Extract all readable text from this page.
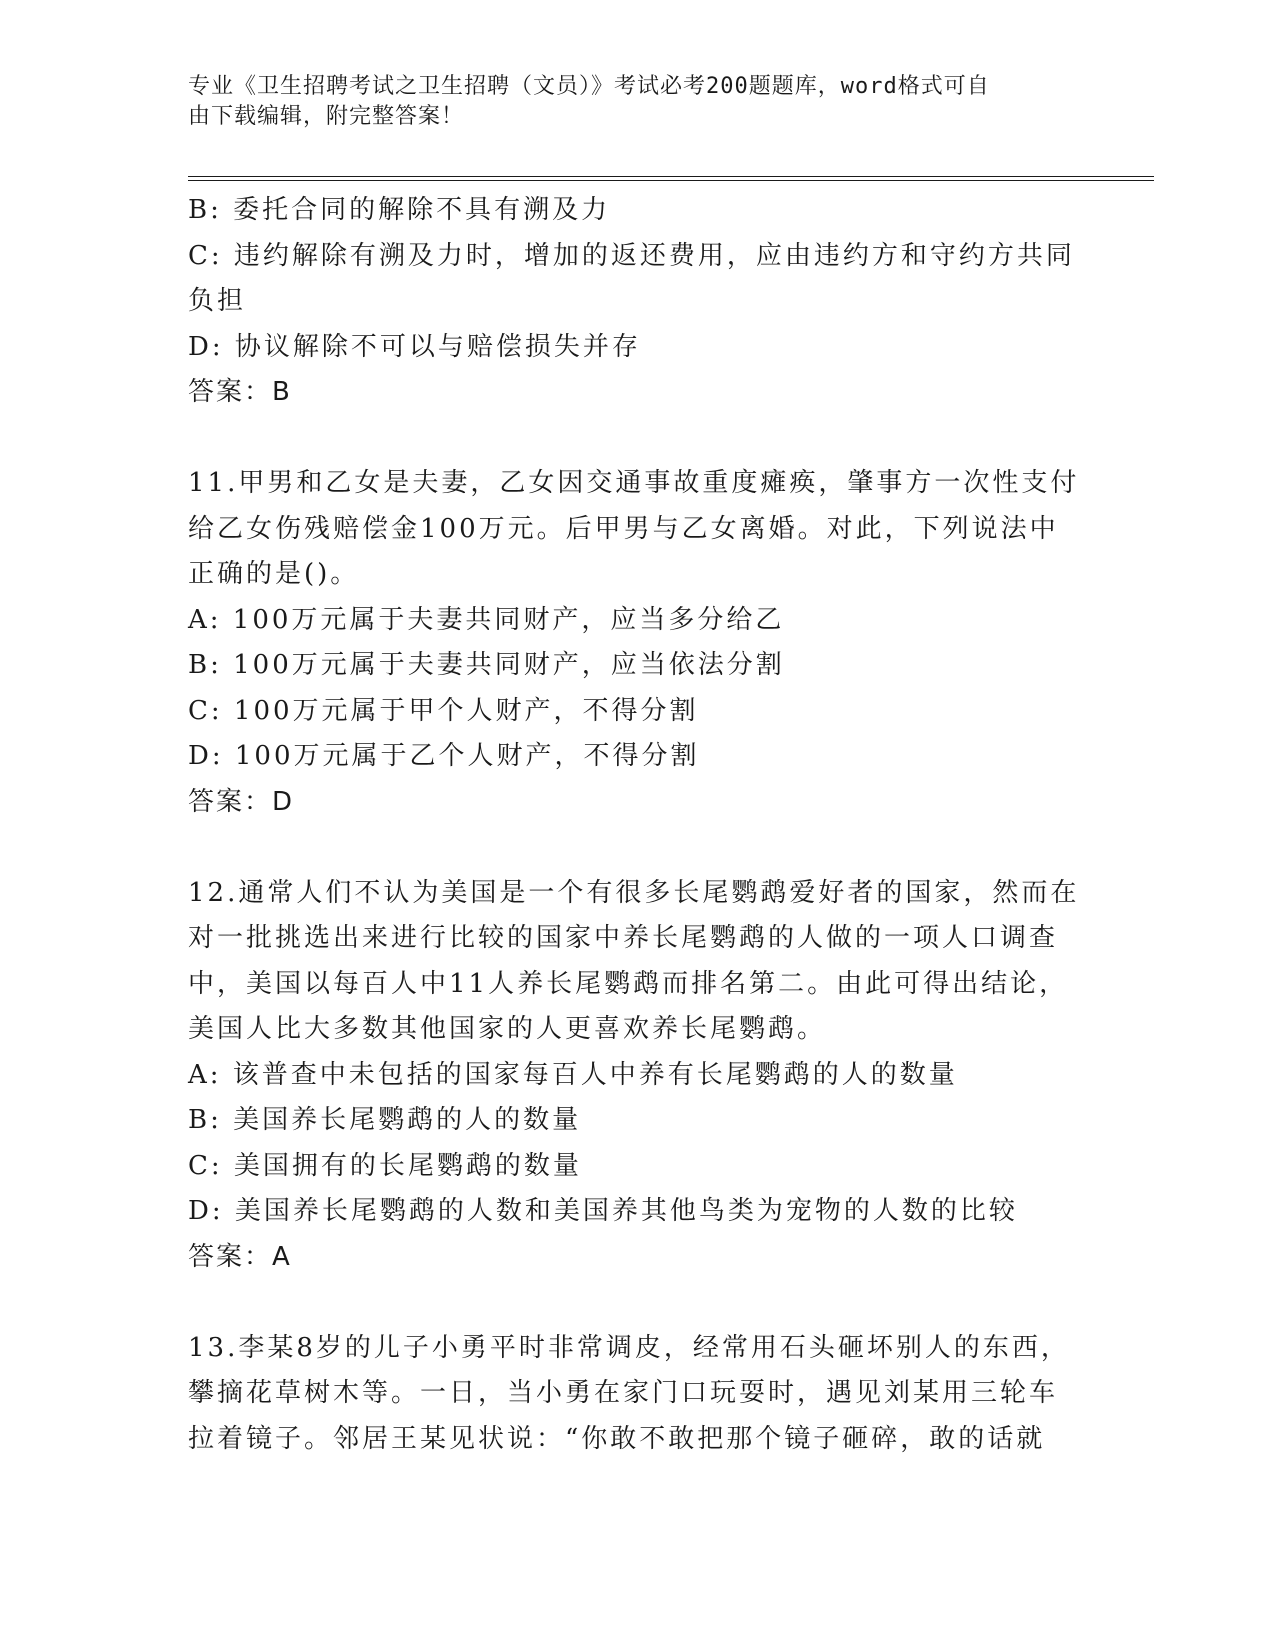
专业《卫生招聘考试之卫生招聘（文员）》考试必考200题题库，word格式可自
由下载编辑，附完整答案！
B: 委托合同的解除不具有溯及力
C: 违约解除有溯及力时，增加的返还费用，应由违约方和守约方共同
负担
D: 协议解除不可以与赔偿损失并存
答案：B
11.甲男和乙女是夫妻，乙女因交通事故重度瘫痪，肇事方一次性支付
给乙女伤残赔偿金100万元。后甲男与乙女离婚。对此，下列说法中
正确的是()。
A: 100万元属于夫妻共同财产，应当多分给乙
B: 100万元属于夫妻共同财产，应当依法分割
C: 100万元属于甲个人财产，不得分割
D: 100万元属于乙个人财产，不得分割
答案：D
12.通常人们不认为美国是一个有很多长尾鹦鹉爱好者的国家，然而在
对一批挑选出来进行比较的国家中养长尾鹦鹉的人做的一项人口调查
中，美国以每百人中11人养长尾鹦鹉而排名第二。由此可得出结论，
美国人比大多数其他国家的人更喜欢养长尾鹦鹉。
A: 该普查中未包括的国家每百人中养有长尾鹦鹉的人的数量
B: 美国养长尾鹦鹉的人的数量
C: 美国拥有的长尾鹦鹉的数量
D: 美国养长尾鹦鹉的人数和美国养其他鸟类为宠物的人数的比较
答案：A
13.李某8岁的儿子小勇平时非常调皮，经常用石头砸坏别人的东西，
攀摘花草树木等。一日，当小勇在家门口玩耍时，遇见刘某用三轮车
拉着镜子。邻居王某见状说：“你敢不敢把那个镜子砸碎，敢的话就
